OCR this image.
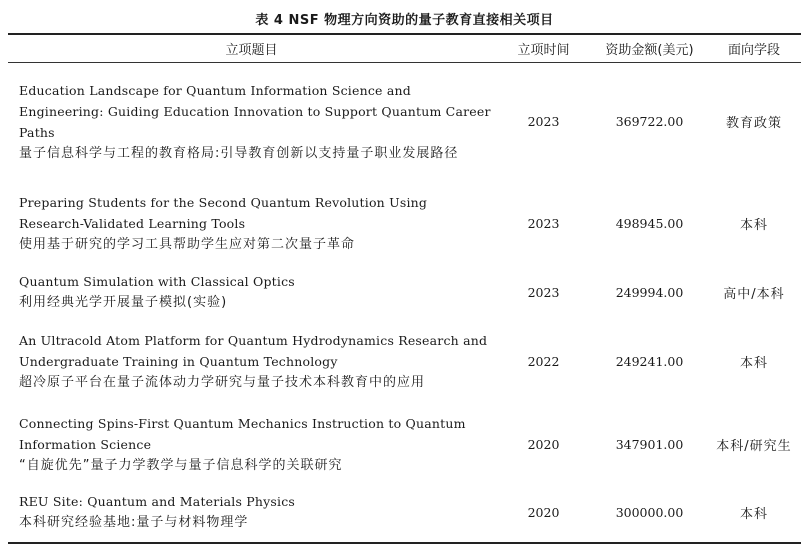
表 4 NSF 物理方向资助的量子教育直接相关项目
立项题目	立项时间	资助金额(美元)	面向学段
Education Landscape for Quantum Information Science and Engineering: Guiding Education Innovation to Support Quantum Career Paths
量子信息科学与工程的教育格局:引导教育创新以支持量子职业发展路径
2023	369722.00	教育政策
Preparing Students for the Second Quantum Revolution Using Research-Validated Learning Tools
使用基于研究的学习工具帮助学生应对第二次量子革命
2023	498945.00	本科
Quantum Simulation with Classical Optics
利用经典光学开展量子模拟(实验)
2023	249994.00	高中/本科
An Ultracold Atom Platform for Quantum Hydrodynamics Research and Undergraduate Training in Quantum Technology
超冷原子平台在量子流体动力学研究与量子技术本科教育中的应用
2022	249241.00	本科
Connecting Spins-First Quantum Mechanics Instruction to Quantum Information Science
“自旋优先”量子力学教学与量子信息科学的关联研究
2020	347901.00	本科/研究生
REU Site: Quantum and Materials Physics
本科研究经验基地:量子与材料物理学
2020	300000.00	本科
